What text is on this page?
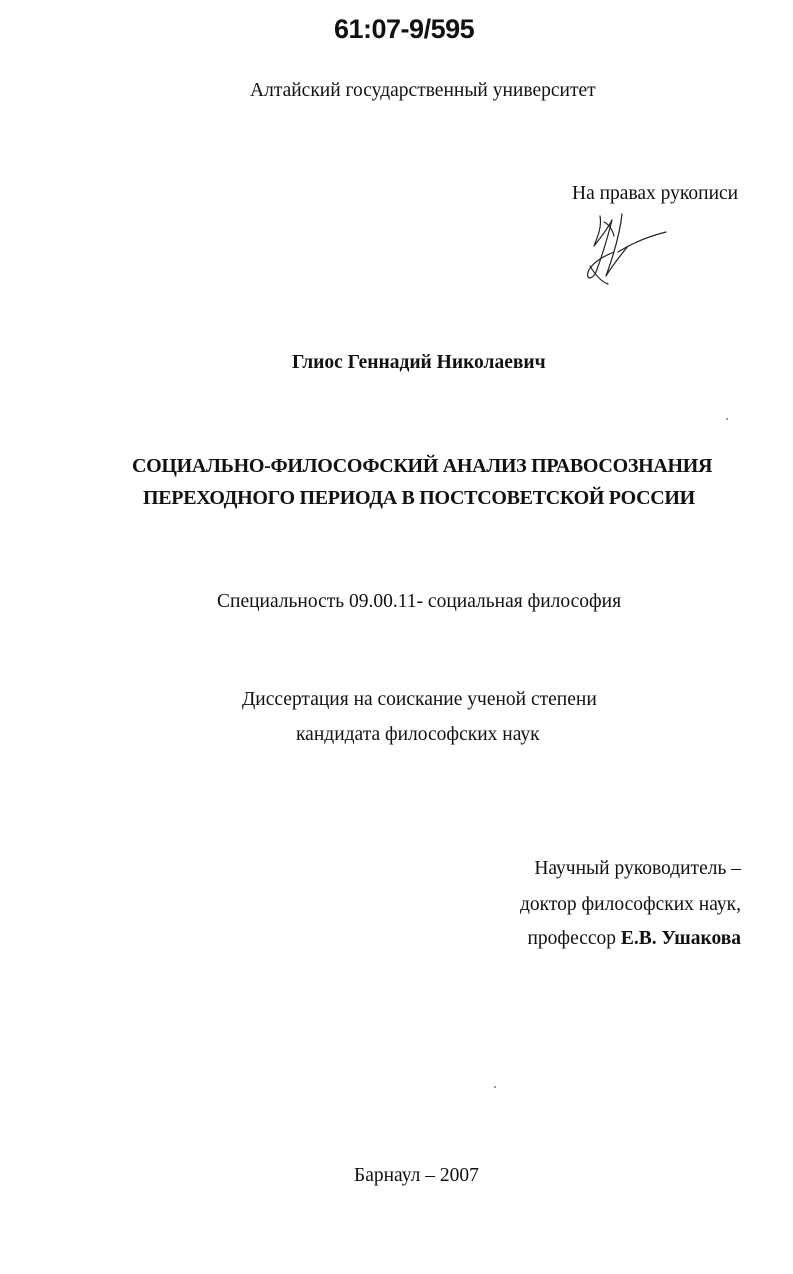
61:07-9/595
Алтайский государственный университет
На правах рукописи
Глиос Геннадий Николаевич
СОЦИАЛЬНО-ФИЛОСОФСКИЙ АНАЛИЗ ПРАВОСОЗНАНИЯ
ПЕРЕХОДНОГО ПЕРИОДА В ПОСТСОВЕТСКОЙ РОССИИ
Специальность 09.00.11- социальная философия
Диссертация на соискание ученой степени
кандидата философских наук
Научный руководитель –
доктор философских наук,
профессор Е.В. Ушакова
Барнаул – 2007
